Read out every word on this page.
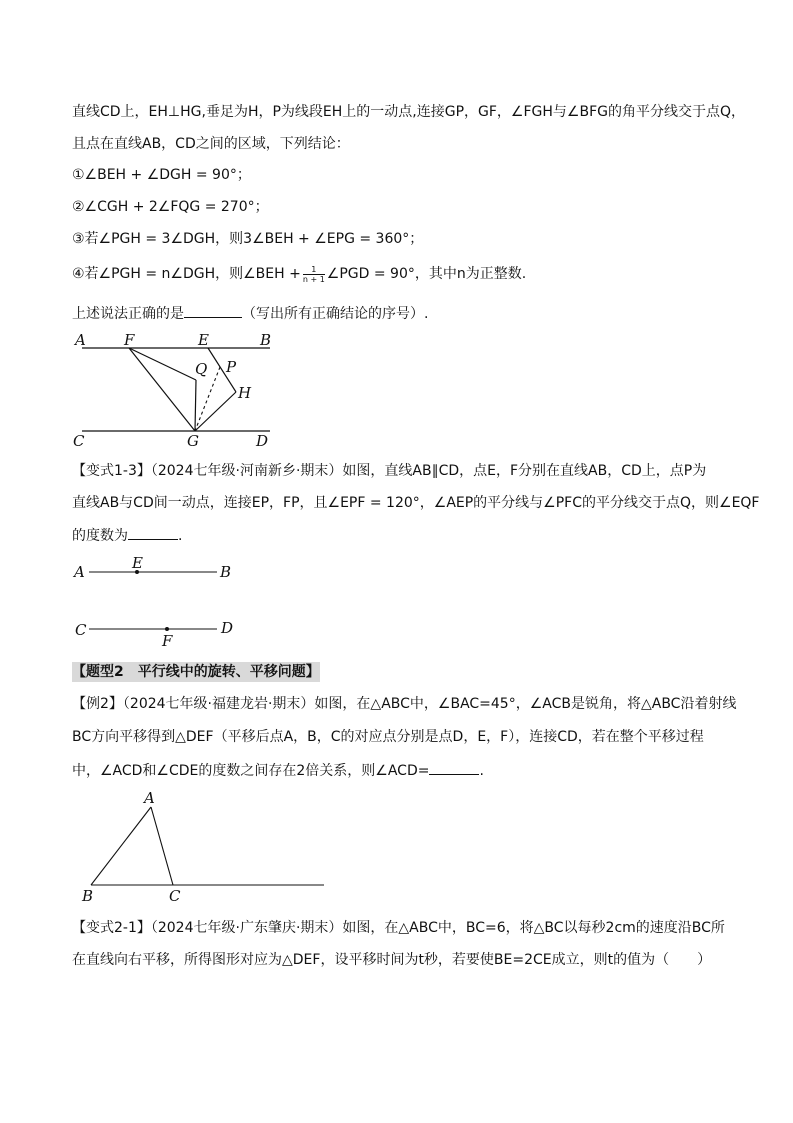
直线CD上，EH⊥HG,垂足为H，P为线段EH上的一动点,连接GP，GF，∠FGH与∠BFG的角平分线交于点Q，
且点在直线AB，CD之间的区域，下列结论：
①∠BEH + ∠DGH = 90°；
②∠CGH + 2∠FQG = 270°；
③若∠PGH = 3∠DGH，则3∠BEH + ∠EPG = 360°；
④若∠PGH = n∠DGH，则∠BEH + $\frac{1}{n + 1}$ ∠PGD = 90°，其中n为正整数.
上述说法正确的是	（写出所有正确结论的序号）.
A	F	E	B
Q P
H
C	G	D
【变式1-3】（2024七年级·河南新乡·期末）如图，直线AB∥CD，点E，F分别在直线AB，CD上，点P为
直线AB与CD间一动点，连接EP，FP，且∠EPF = 120°，∠AEP的平分线与∠PFC的平分线交于点Q，则∠EQF
的度数为	.
A	E	B
C
F
D
【题型2　平行线中的旋转、平移问题】
【例2】（2024七年级·福建龙岩·期末）如图，在△ABC中，∠BAC=45°，∠ACB是锐角，将△ABC沿着射线
BC方向平移得到△DEF（平移后点A，B，C的对应点分别是点D，E，F），连接CD，若在整个平移过程
中，∠ACD和∠CDE的度数之间存在2倍关系，则∠ACD=	.
A
B	C
【变式2-1】（2024七年级·广东肇庆·期末）如图，在△ABC中，BC=6，将△BC以每秒2cm的速度沿BC所
在直线向右平移，所得图形对应为△DEF，设平移时间为t秒，若要使BE=2CE成立，则t的值为（　　）
